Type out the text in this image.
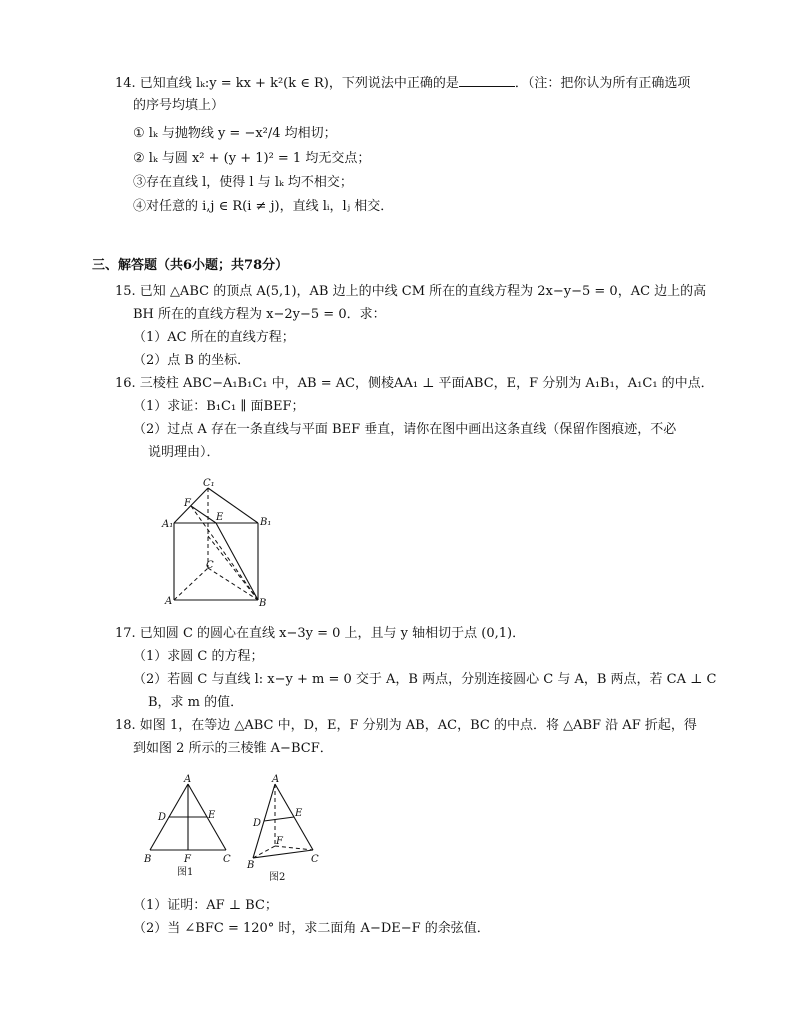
14. 已知直线 lₖ:y = kx + k²(k ∈ R)，下列说法中正确的是	．（注：把你认为所有正确选项
的序号均填上）
① lₖ 与抛物线 y = −x²/4 均相切；
② lₖ 与圆 x² + (y + 1)² = 1 均无交点；
③存在直线 l，使得 l 与 lₖ 均不相交；
④对任意的 i,j ∈ R(i ≠ j)，直线 lᵢ，lⱼ 相交．
三、解答题（共6小题；共78分）
15. 已知 △ABC 的顶点 A(5,1)，AB 边上的中线 CM 所在的直线方程为 2x−y−5 = 0，AC 边上的高
BH 所在的直线方程为 x−2y−5 = 0．求：
（1）AC 所在的直线方程；
（2）点 B 的坐标．
16. 三棱柱 ABC−A₁B₁C₁ 中，AB = AC，侧棱AA₁ ⊥ 平面ABC，E，F 分别为 A₁B₁，A₁C₁ 的中点．
（1）求证：B₁C₁ ∥ 面BEF；
（2）过点 A 存在一条直线与平面 BEF 垂直，请你在图中画出这条直线（保留作图痕迹，不必
说明理由）．
C₁
F
E
A₁	B₁
C
A	B
17. 已知圆 C 的圆心在直线 x−3y = 0 上，且与 y 轴相切于点 (0,1)．
（1）求圆 C 的方程；
（2）若圆 C 与直线 l: x−y + m = 0 交于 A，B 两点，分别连接圆心 C 与 A，B 两点，若 CA ⊥ C
B，求 m 的值．
18. 如图 1，在等边 △ABC 中，D，E，F 分别为 AB，AC，BC 的中点．将 △ABF 沿 AF 折起，得
到如图 2 所示的三棱锥 A−BCF．
A
D	E
B	F	C
图1
A
D
E
B
F
C
图2
（1）证明：AF ⊥ BC；
（2）当 ∠BFC = 120° 时，求二面角 A−DE−F 的余弦值．
